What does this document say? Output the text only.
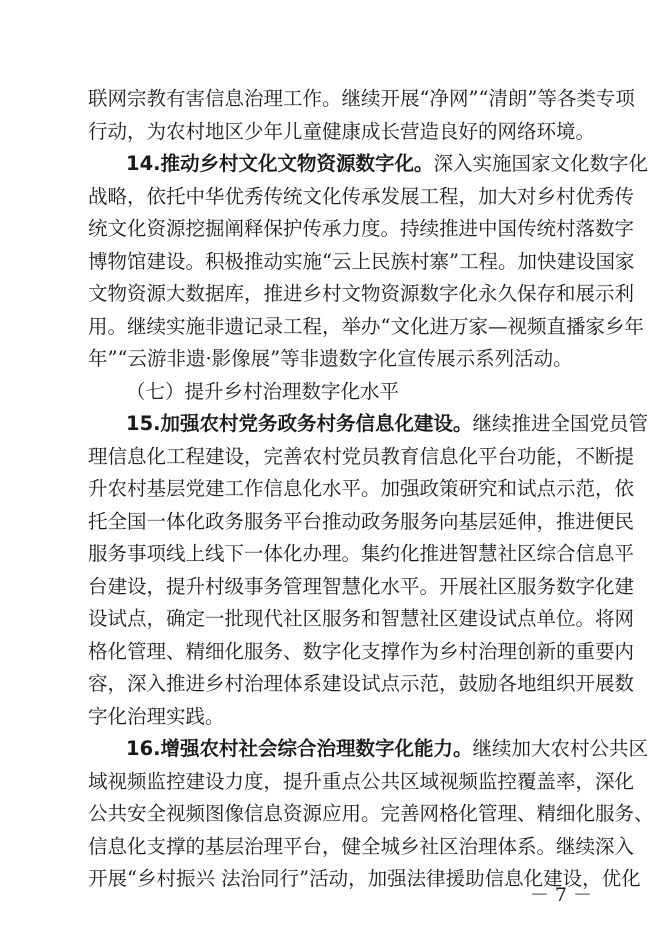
联网宗教有害信息治理工作。继续开展“净网”“清朗”等各类专项
行动，为农村地区少年儿童健康成长营造良好的网络环境。
14.推动乡村文化文物资源数字化。深入实施国家文化数字化
战略，依托中华优秀传统文化传承发展工程，加大对乡村优秀传
统文化资源挖掘阐释保护传承力度。持续推进中国传统村落数字
博物馆建设。积极推动实施“云上民族村寨”工程。加快建设国家
文物资源大数据库，推进乡村文物资源数字化永久保存和展示利
用。继续实施非遗记录工程，举办“文化进万家—视频直播家乡年
年”“云游非遗·影像展”等非遗数字化宣传展示系列活动。
（七）提升乡村治理数字化水平
15.加强农村党务政务村务信息化建设。继续推进全国党员管
理信息化工程建设，完善农村党员教育信息化平台功能，不断提
升农村基层党建工作信息化水平。加强政策研究和试点示范，依
托全国一体化政务服务平台推动政务服务向基层延伸，推进便民
服务事项线上线下一体化办理。集约化推进智慧社区综合信息平
台建设，提升村级事务管理智慧化水平。开展社区服务数字化建
设试点，确定一批现代社区服务和智慧社区建设试点单位。将网
格化管理、精细化服务、数字化支撑作为乡村治理创新的重要内
容，深入推进乡村治理体系建设试点示范，鼓励各地组织开展数
字化治理实践。
16.增强农村社会综合治理数字化能力。继续加大农村公共区
域视频监控建设力度，提升重点公共区域视频监控覆盖率，深化
公共安全视频图像信息资源应用。完善网格化管理、精细化服务、
信息化支撑的基层治理平台，健全城乡社区治理体系。继续深入
开展“乡村振兴 法治同行”活动，加强法律援助信息化建设，优化
－ 7 －
